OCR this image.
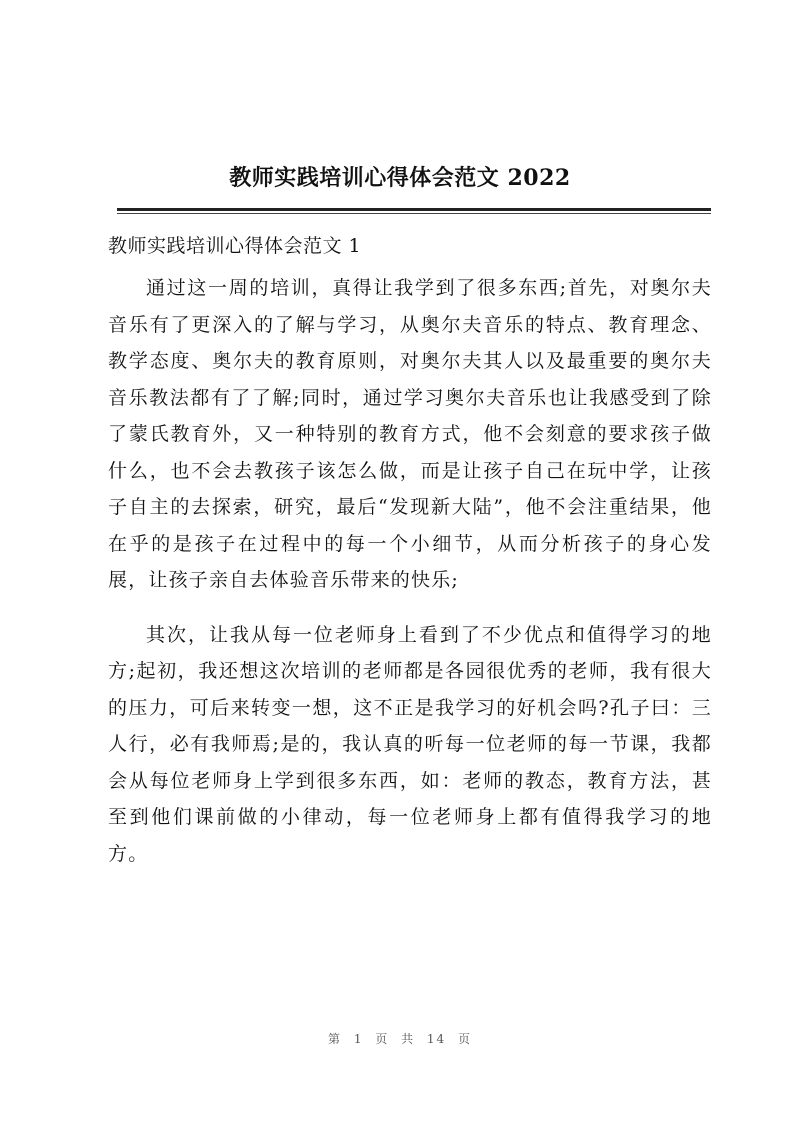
教师实践培训心得体会范文 2022
教师实践培训心得体会范文 1

通过这一周的培训，真得让我学到了很多东西;首先，对奥尔夫音乐有了更深入的了解与学习，从奥尔夫音乐的特点、教育理念、教学态度、奥尔夫的教育原则，对奥尔夫其人以及最重要的奥尔夫音乐教法都有了了解;同时，通过学习奥尔夫音乐也让我感受到了除了蒙氏教育外，又一种特别的教育方式，他不会刻意的要求孩子做什么，也不会去教孩子该怎么做，而是让孩子自己在玩中学，让孩子自主的去探索，研究，最后“发现新大陆”，他不会注重结果，他在乎的是孩子在过程中的每一个小细节，从而分析孩子的身心发展，让孩子亲自去体验音乐带来的快乐;

其次，让我从每一位老师身上看到了不少优点和值得学习的地方;起初，我还想这次培训的老师都是各园很优秀的老师，我有很大的压力，可后来转变一想，这不正是我学习的好机会吗?孔子曰：三人行，必有我师焉;是的，我认真的听每一位老师的每一节课，我都会从每位老师身上学到很多东西，如：老师的教态，教育方法，甚至到他们课前做的小律动，每一位老师身上都有值得我学习的地方。

第 1 页 共 14 页
